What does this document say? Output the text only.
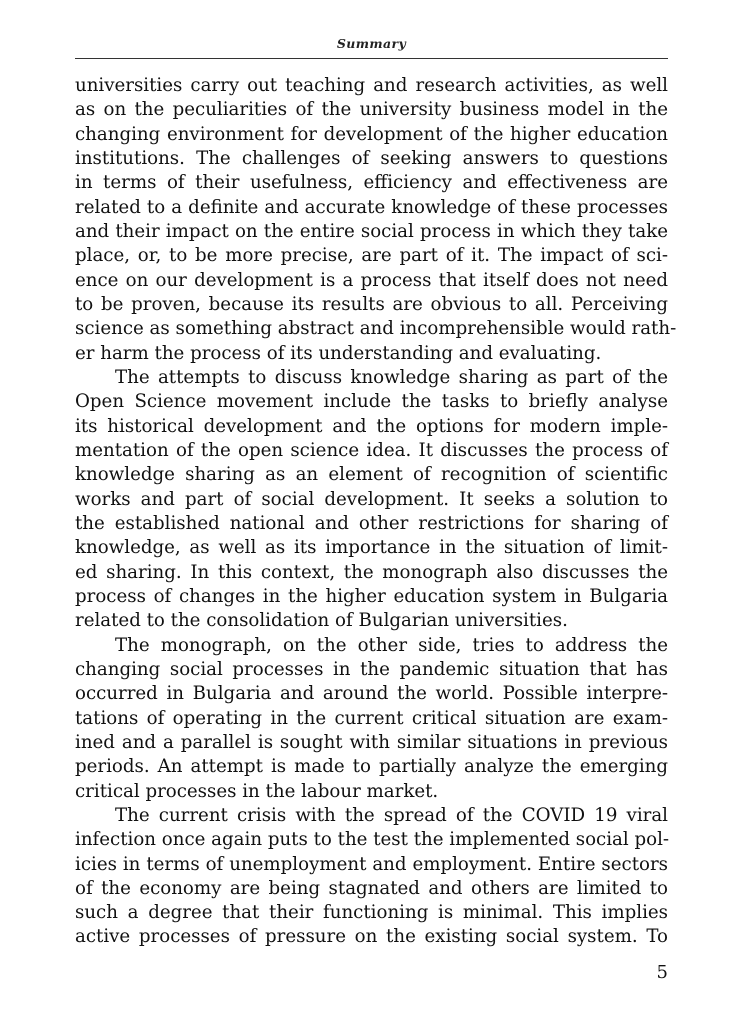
Summary

universities carry out teaching and research activities, as well
as on the peculiarities of the university business model in the
changing environment for development of the higher education
institutions. The challenges of seeking answers to questions
in terms of their usefulness, efficiency and effectiveness are
related to a definite and accurate knowledge of these processes
and their impact on the entire social process in which they take
place, or, to be more precise, are part of it. The impact of sci-
ence on our development is a process that itself does not need
to be proven, because its results are obvious to all. Perceiving
science as something abstract and incomprehensible would rath-
er harm the process of its understanding and evaluating.

The attempts to discuss knowledge sharing as part of the
Open Science movement include the tasks to briefly analyse
its historical development and the options for modern imple-
mentation of the open science idea. It discusses the process of
knowledge sharing as an element of recognition of scientific
works and part of social development. It seeks a solution to
the established national and other restrictions for sharing of
knowledge, as well as its importance in the situation of limit-
ed sharing. In this context, the monograph also discusses the
process of changes in the higher education system in Bulgaria
related to the consolidation of Bulgarian universities.

The monograph, on the other side, tries to address the
changing social processes in the pandemic situation that has
occurred in Bulgaria and around the world. Possible interpre-
tations of operating in the current critical situation are exam-
ined and a parallel is sought with similar situations in previous
periods. An attempt is made to partially analyze the emerging
critical processes in the labour market.

The current crisis with the spread of the COVID 19 viral
infection once again puts to the test the implemented social pol-
icies in terms of unemployment and employment. Entire sectors
of the economy are being stagnated and others are limited to
such a degree that their functioning is minimal. This implies
active processes of pressure on the existing social system. To

5
